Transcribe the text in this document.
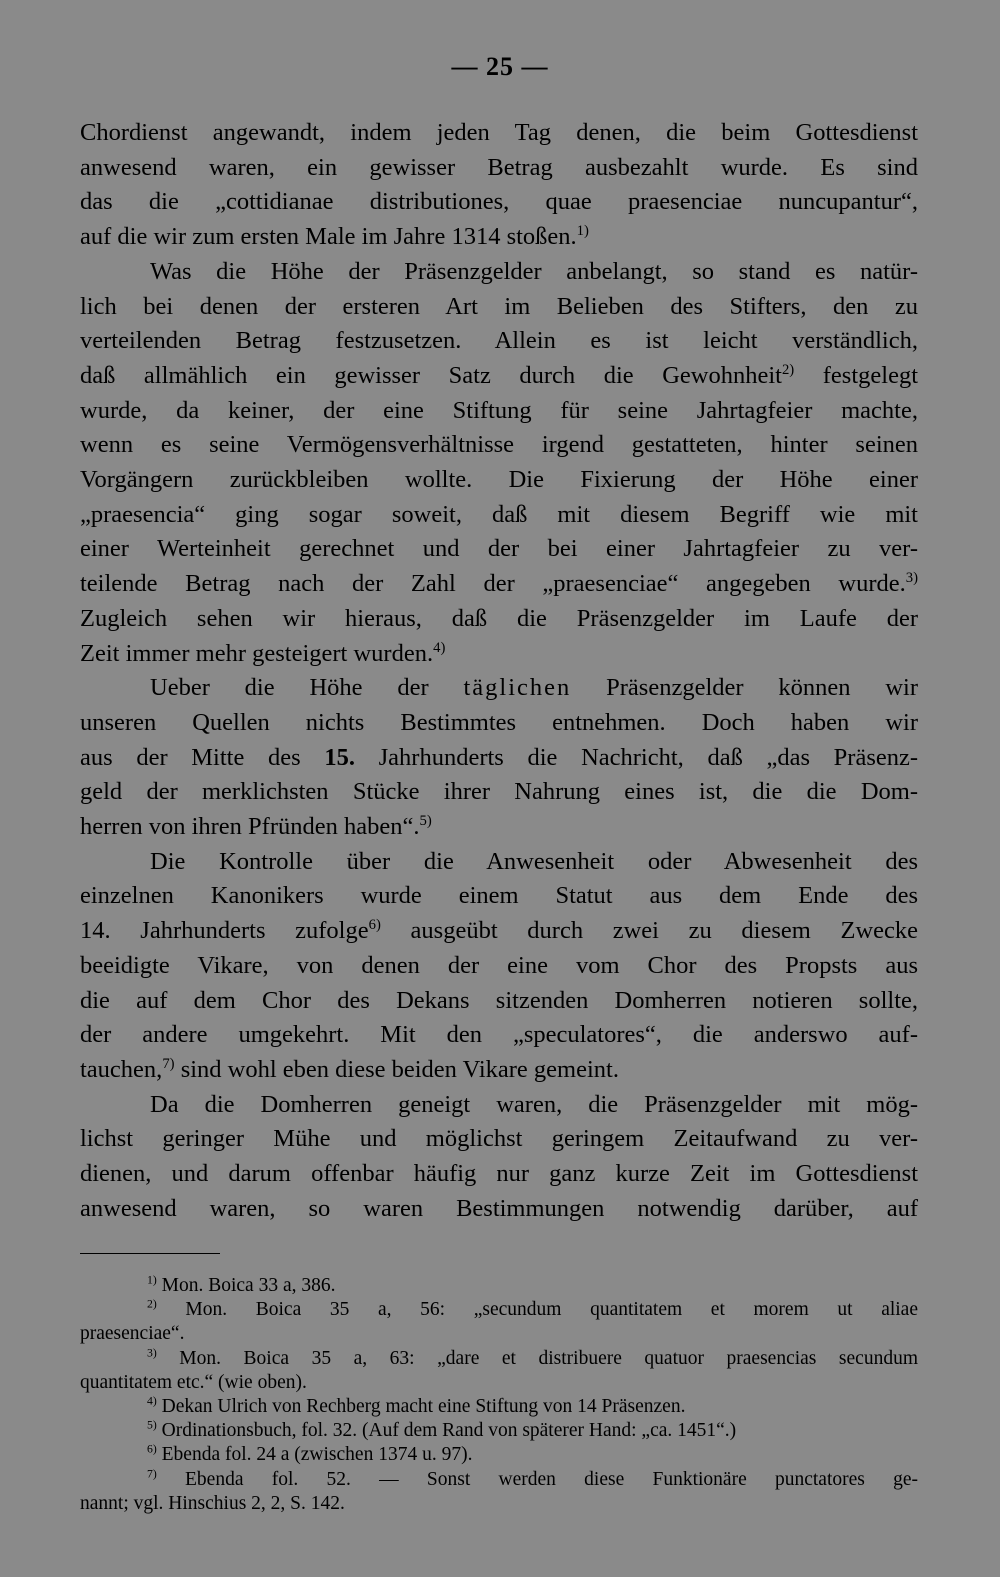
— 25 —

Chordienst angewandt, indem jeden Tag denen, die beim Gottesdienst
anwesend waren, ein gewisser Betrag ausbezahlt wurde. Es sind
das die „cottidianae distributiones, quae praesenciae nuncupantur“,
auf die wir zum ersten Male im Jahre 1314 stoßen.$^{1)}$

Was die Höhe der Präsenzgelder anbelangt, so stand es natür-
lich bei denen der ersteren Art im Belieben des Stifters, den zu
verteilenden Betrag festzusetzen. Allein es ist leicht verständlich,
daß allmählich ein gewisser Satz durch die Gewohnheit$^{2)}$ festgelegt
wurde, da keiner, der eine Stiftung für seine Jahrtagfeier machte,
wenn es seine Vermögensverhältnisse irgend gestatteten, hinter seinen
Vorgängern zurückbleiben wollte. Die Fixierung der Höhe einer
„praesencia“ ging sogar soweit, daß mit diesem Begriff wie mit
einer Werteinheit gerechnet und der bei einer Jahrtagfeier zu ver-
teilende Betrag nach der Zahl der „praesenciae“ angegeben wurde.$^{3)}$
Zugleich sehen wir hieraus, daß die Präsenzgelder im Laufe der
Zeit immer mehr gesteigert wurden.$^{4)}$

Ueber die Höhe der täglichen Präsenzgelder können wir
unseren Quellen nichts Bestimmtes entnehmen. Doch haben wir
aus der Mitte des 15. Jahrhunderts die Nachricht, daß „das Präsenz-
geld der merklichsten Stücke ihrer Nahrung eines ist, die die Dom-
herren von ihren Pfründen haben“.$^{5)}$

Die Kontrolle über die Anwesenheit oder Abwesenheit des
einzelnen Kanonikers wurde einem Statut aus dem Ende des
14. Jahrhunderts zufolge$^{6)}$ ausgeübt durch zwei zu diesem Zwecke
beeidigte Vikare, von denen der eine vom Chor des Propsts aus
die auf dem Chor des Dekans sitzenden Domherren notieren sollte,
der andere umgekehrt. Mit den „speculatores“, die anderswo auf-
tauchen,$^{7)}$ sind wohl eben diese beiden Vikare gemeint.

Da die Domherren geneigt waren, die Präsenzgelder mit mög-
lichst geringer Mühe und möglichst geringem Zeitaufwand zu ver-
dienen, und darum offenbar häufig nur ganz kurze Zeit im Gottesdienst
anwesend waren, so waren Bestimmungen notwendig darüber, auf

$^{1)}$ Mon. Boica 33 a, 386.

$^{2)}$ Mon. Boica 35 a, 56: „secundum quantitatem et morem ut aliae
praesenciae“.

$^{3)}$ Mon. Boica 35 a, 63: „dare et distribuere quatuor praesencias secundum
quantitatem etc.“ (wie oben).

$^{4)}$ Dekan Ulrich von Rechberg macht eine Stiftung von 14 Präsenzen.

$^{5)}$ Ordinationsbuch, fol. 32. (Auf dem Rand von späterer Hand: „ca. 1451“.)

$^{6)}$ Ebenda fol. 24 a (zwischen 1374 u. 97).

$^{7)}$ Ebenda fol. 52. — Sonst werden diese Funktionäre punctatores ge-
nannt; vgl. Hinschius 2, 2, S. 142.
